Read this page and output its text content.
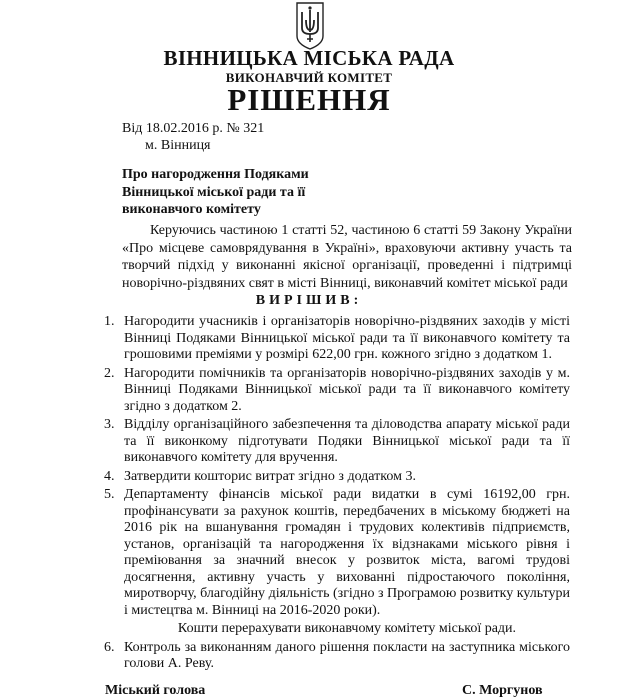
ВІННИЦЬКА МІСЬКА РАДА
ВИКОНАВЧИЙ КОМІТЕТ
РІШЕННЯ
Від 18.02.2016 р. № 321
м. Вінниця
Про нагородження Подяками
Вінницької міської ради та її
виконавчого комітету
Керуючись частиною 1 статті 52, частиною 6 статті 59 Закону України «Про місцеве самоврядування в Україні», враховуючи активну участь та творчий підхід у виконанні якісної організації, проведенні і підтримці новорічно-різдвяних свят в місті Вінниці, виконавчий комітет міської ради
ВИРІШИВ:
1. Нагородити учасників і організаторів новорічно-різдвяних заходів у місті Вінниці Подяками Вінницької міської ради та її виконавчого комітету та грошовими преміями у розмірі 622,00 грн. кожного згідно з додатком 1.
2. Нагородити помічників та організаторів новорічно-різдвяних заходів у м. Вінниці Подяками Вінницької міської ради та її виконавчого комітету згідно з додатком 2.
3. Відділу організаційного забезпечення та діловодства апарату міської ради та її виконкому підготувати Подяки Вінницької міської ради та її виконавчого комітету для вручення.
4. Затвердити кошторис витрат згідно з додатком 3.
5. Департаменту фінансів міської ради видатки в сумі 16192,00 грн. профінансувати за рахунок коштів, передбачених в міському бюджеті на 2016 рік на вшанування громадян і трудових колективів підприємств, установ, організацій та нагородження їх відзнаками міського рівня і преміювання за значний внесок у розвиток міста, вагомі трудові досягнення, активну участь у вихованні підростаючого покоління, миротворчу, благодійну діяльність (згідно з Програмою розвитку культури і мистецтва м. Вінниці на 2016-2020 роки).
Кошти перерахувати виконавчому комітету міської ради.
6. Контроль за виконанням даного рішення покласти на заступника міського голови А. Реву.
Міський голова	С. Моргунов
